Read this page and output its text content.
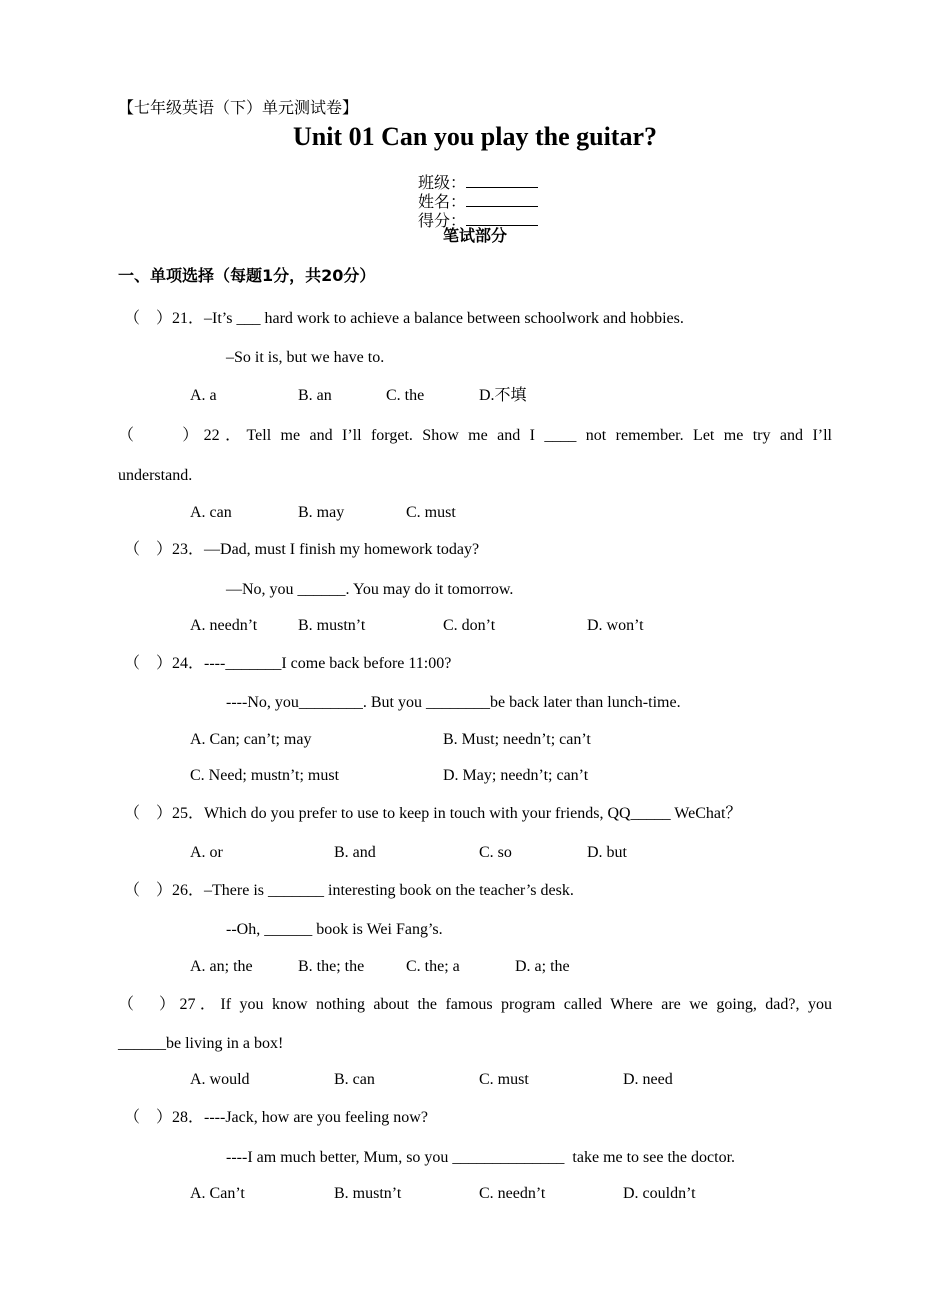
【七年级英语（下）单元测试卷】
Unit 01 Can you play the guitar?

班级：
姓名：
得分：

笔试部分
一、单项选择（每题1分，共20分）
（　）21．–It’s ___ hard work to achieve a balance between schoolwork and hobbies.
–So it is, but we have to.
A. a	B. an	C. the	D.不填
（　　）22．Tell me and I’ll forget. Show me and I ____ not remember. Let me try and I’ll
understand.
A. can	B. may	C. must
（　）23．—Dad, must I finish my homework today?
—No, you ______. You may do it tomorrow.
A. needn’t	B. mustn’t	C. don’t	D. won’t
（　）24．----_______I come back before 11:00?
----No, you________. But you ________be back later than lunch-time.
A. Can; can’t; may	B. Must; needn’t; can’t
C. Need; mustn’t; must	D. May; needn’t; can’t
（　）25．Which do you prefer to use to keep in touch with your friends, QQ_____ WeChat？
A. or	B. and	C. so	D. but
（　）26．–There is _______ interesting book on the teacher’s desk.
--Oh, ______ book is Wei Fang’s.
A. an; the	B. the; the	C. the; a	D. a; the
（　）27．If you know nothing about the famous program called Where are we going, dad?, you
______be living in a box!
A. would	B. can	C. must	D. need
（　）28．----Jack, how are you feeling now?
----I am much better, Mum, so you ______________  take me to see the doctor.
A. Can’t	B. mustn’t	C. needn’t	D. couldn’t
